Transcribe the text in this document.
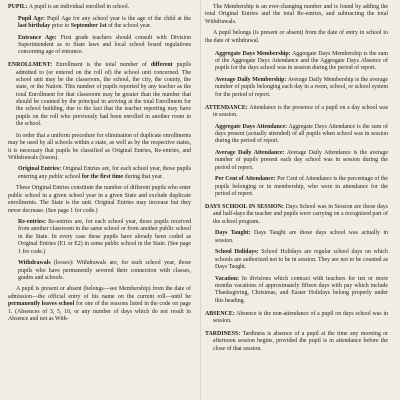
PUPIL: A pupil is an individual enrolled in school.

Pupil Age: Pupil Age for any school year is the age of the child at the last birthday prior to September 1st of the school year.

Entrance Age: First grade teachers should consult with Division Superintendent as to State laws and local school board regulations concerning age of entrance.

ENROLLMENT: Enrollment is the total number of different pupils admitted to (or entered on the roll of) the school unit concerned. The school unit may be the classroom, the school, the city, the county, the state, or the Nation. This number of pupils reported by any teacher as the total Enrollment for that classroom may be greater than the number that should be counted by the principal in arriving at the total Enrollment for the school building, due to the fact that the teacher reporting may have pupils on the roll who previously had been enrolled in another room in the school.

In order that a uniform procedure for elimination of duplicate enrollments may be used by all schools within a state, as well as by the respective states, it is necessary that pupils be classified as Original Entries, Re-entries, and Withdrawals (losses).

Original Entries: Original Entries are, for each school year, those pupils entering any public school for the first time during that year.

These Original Entries constitute the number of different pupils who enter public school in a given school year in a given State and exclude duplicate enrollments. The State is the unit. Original Entries may increase but they never decrease. (See page 1 for code.)

Re-entries: Re-entries are, for each school year, those pupils received from another classroom in the same school or from another public school in the State. In every case these pupils have already been coded as Original Entries (E1 or E2) in some public school in the State. (See page 1 for code.)

Withdrawals (losses): Withdrawals are, for each school year, those pupils who have permanently severed their connection with classes, grades and schools.

A pupil is present or absent (belongs—see Membership) from the date of admission—the official entry of his name on the current roll—until he permanently leaves school for one of the reasons listed in the code on page 1. (Absences of 3, 5, 10, or any number of days which do not result in Absence and not as With-

The Membership is an ever-changing number and is found by adding the total Original Entries and the total Re-entries, and subtracting the total Withdrawals.

A pupil belongs (is present or absent) from the date of entry in school to the date of withdrawal.

Aggregate Days Membership: Aggregate Days Membership is the sum of the Aggregate Days Attendance and the Aggregate Days Absence of pupils for the days school was in session during the period of report.

Average Daily Membership: Average Daily Membership is the average number of pupils belonging each day in a room, school, or school system for the period of report.

ATTENDANCE: Attendance is the presence of a pupil on a day school was in session.

Aggregate Days Attendance: Aggregate Days Attendance is the sum of days present (actually attended) of all pupils when school was in session during the period of report.

Average Daily Attendance: Average Daily Attendance is the average number of pupils present each day school was in session during the period of report.

Per Cent of Attendance: Per Cent of Attendance is the percentage of the pupils belonging or in membership, who were in attendance for the period of report.

DAYS SCHOOL IN SESSION: Days School was in Session are those days and half-days the teacher and pupils were carrying on a recognized part of the school program.

Days Taught: Days Taught are those days school was actually in session.

School Holidays: School Holidays are regular school days on which schools are authorized not to be in session. They are not to be counted as Days Taught.

Vacation: In divisions which contract with teachers for ten or more months vacations of approximately fifteen days with pay which include Thanksgiving, Christmas, and Easter Holidays belong properly under this heading.

ABSENCE: Absence is the non-attendance of a pupil on days school was in session.

TARDINESS: Tardiness is absence of a pupil at the time any morning or afternoon session begins, provided the pupil is in attendance before the close of that session.
